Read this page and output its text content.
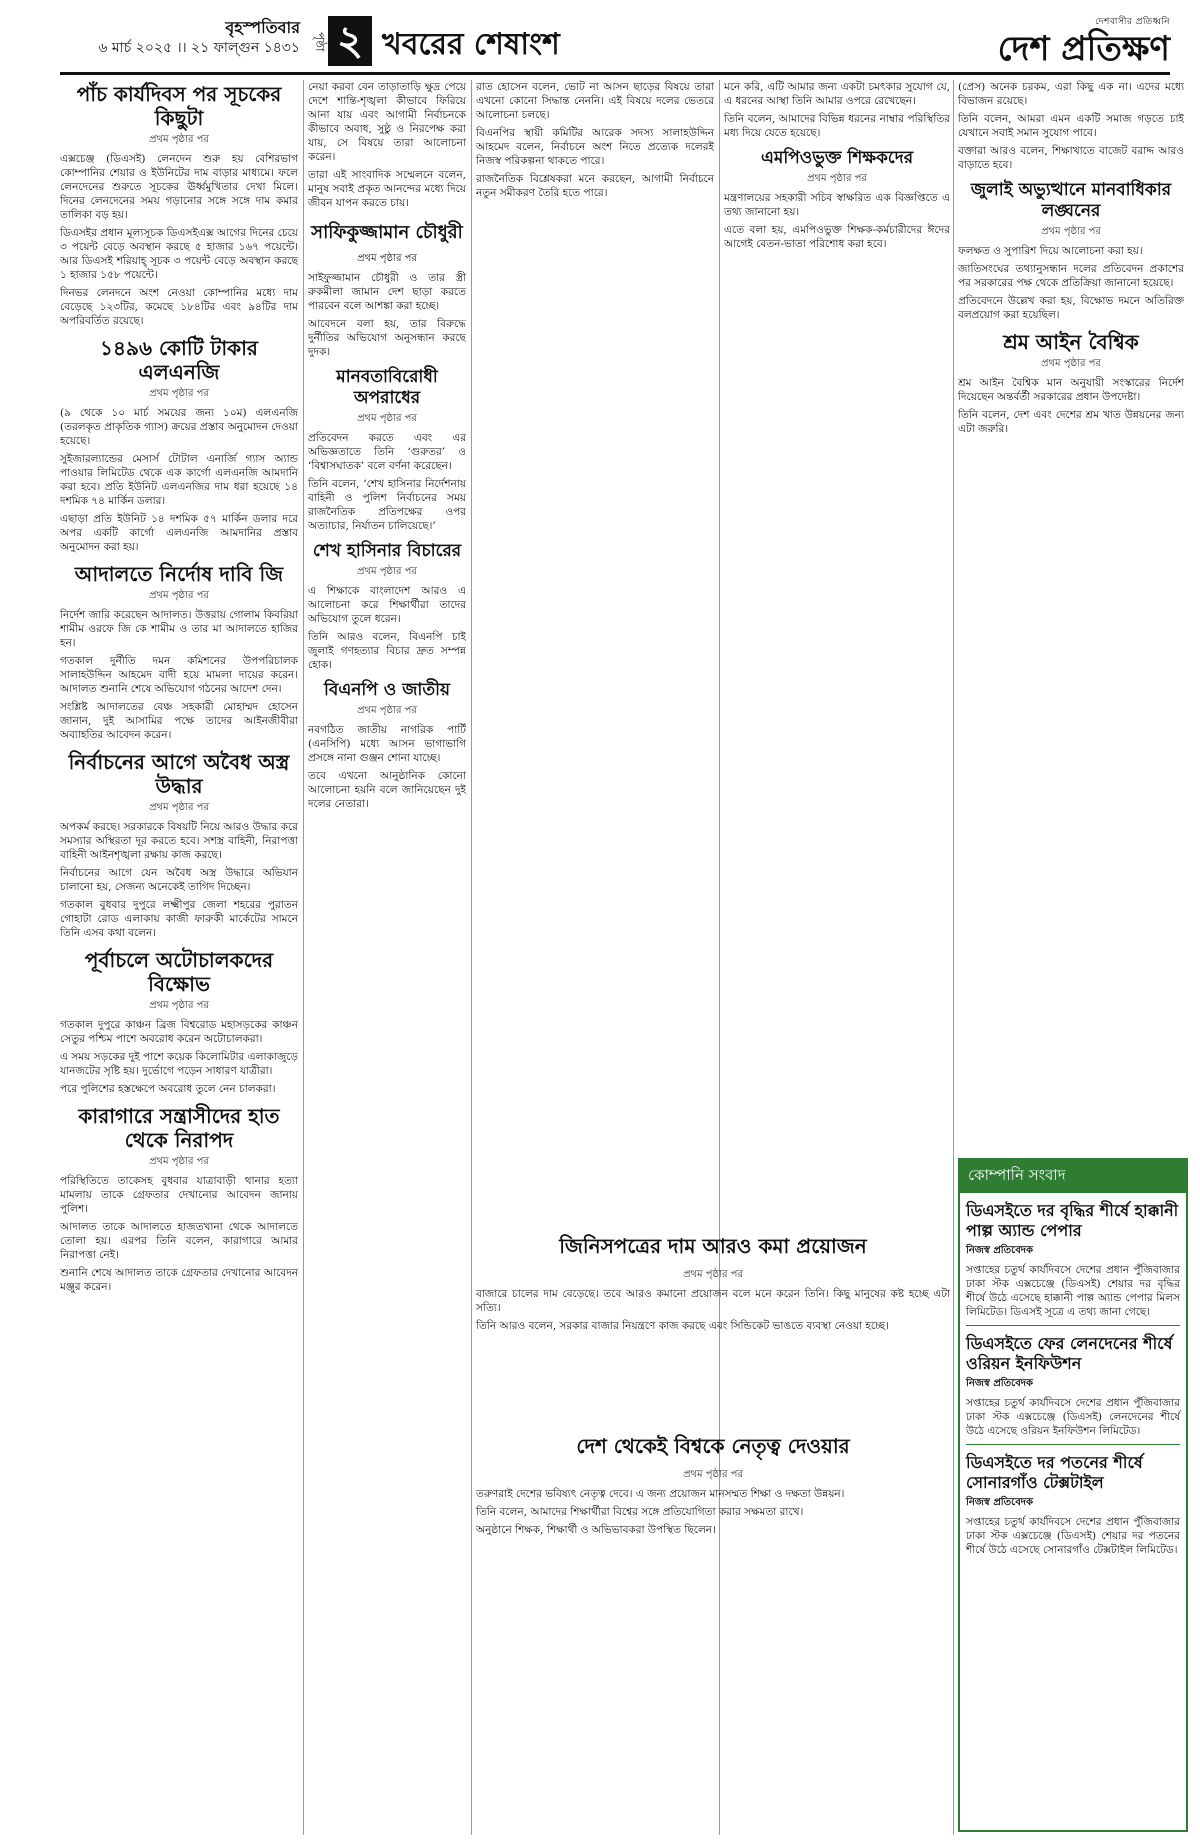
বৃহস্পতিবার
৬ মার্চ ২০২৫ ।। ২১ ফাল্গুন ১৪৩১ পৃষ্ঠা ২ খবরের শেষাংশ
দেশবাসীর প্রতিধ্বনি
দেশ প্রতিক্ষণ
পাঁচ কার্যদিবস পর সূচকের কিছুটা
প্রথম পৃষ্ঠার পর

এক্সচেঞ্জ (ডিএসই) লেনদেন শুরু হয় বেশিরভাগ কোম্পানির শেয়ার ও ইউনিটের দাম বাড়ার মাধ্যমে। ফলে লেনদেনের শুরুতে সূচকের ঊর্ধ্বমুখিতার দেখা মিলে। দিনের লেনদেনের সময় গড়ানোর সঙ্গে সঙ্গে দাম কমার তালিকা বড় হয়।

ডিএসইর প্রধান মূল্যসূচক ডিএসইএক্স আগের দিনের চেয়ে ৩ পয়েন্ট বেড়ে অবস্থান করছে ৫ হাজার ১৬৭ পয়েন্টে। আর ডিএসই শরিয়াহ্ সূচক ৩ পয়েন্ট বেড়ে অবস্থান করছে ১ হাজার ১৫৮ পয়েন্টে।

দিনভর লেনদনে অংশ নেওয়া কোম্পানির মধ্যে দাম বেড়েছে ১২৩টির, কমেছে ১৮৪টির এবং ৯৪টির দাম অপরিবর্তিত রয়েছে।

১৪৯৬ কোটি টাকার এলএনজি
প্রথম পৃষ্ঠার পর

(৯ থেকে ১০ মার্চ সময়ের জন্য ১০ম) এলএনজি (তরলকৃত প্রাকৃতিক গ্যাস) ক্রয়ের প্রস্তাব অনুমোদন দেওয়া হয়েছে।

সুইজারল্যান্ডের মেসার্স টোটাল এনার্জি গ্যাস অ্যান্ড পাওয়ার লিমিটেড থেকে এক কার্গো এলএনজি আমদানি করা হবে। প্রতি ইউনিট এলএনজির দাম ধরা হয়েছে ১৪ দশমিক ৭৪ মার্কিন ডলার।

এছাড়া প্রতি ইউনিট ১৪ দশমিক ৫৭ মার্কিন ডলার দরে অপর একটি কার্গো এলএনজি আমদানির প্রস্তাব অনুমোদন করা হয়।

আদালতে নির্দোষ দাবি জি
প্রথম পৃষ্ঠার পর

নির্দেশ জারি করেছেন আদালত। উত্তরায় গোলাম কিবরিয়া শামীম ওরফে জি কে শামীম ও তার মা আদালতে হাজির হন।

গতকাল দুর্নীতি দমন কমিশনের উপপরিচালক সালাহউদ্দিন আহমেদ বাদী হয়ে মামলা দায়ের করেন। আদালত শুনানি শেষে অভিযোগ গঠনের আদেশ দেন।

সংশ্লিষ্ট আদালতের বেঞ্চ সহকারী মোহাম্মদ হোসেন জানান, দুই আসামির পক্ষে তাদের আইনজীবীরা অব্যাহতির আবেদন করেন।

নির্বাচনের আগে অবৈধ অস্ত্র উদ্ধার
প্রথম পৃষ্ঠার পর

অপকর্ম করছে। সরকারকে বিষয়টি নিয়ে আরও উদ্ধার করে সমস্যার অস্থিরতা দূর করতে হবে। সশস্ত্র বাহিনী, নিরাপত্তা বাহিনী আইনশৃঙ্খলা রক্ষায় কাজ করছে।

নির্বাচনের আগে যেন অবৈধ অস্ত্র উদ্ধারে অভিযান চালানো হয়, সেজন্য অনেকেই তাগিদ দিচ্ছেন।

গতকাল বুধবার দুপুরে লক্ষ্মীপুর জেলা শহরের পুরাতন গোহাটা রোড এলাকায় কাজী ফারুকী মার্কেটের সামনে তিনি এসব কথা বলেন।

পূর্বাচলে অটোচালকদের বিক্ষোভ
প্রথম পৃষ্ঠার পর

গতকাল দুপুরে কাঞ্চন ব্রিজ বিশ্বরোড মহাসড়কের কাঞ্চন সেতুর পশ্চিম পাশে অবরোধ করেন অটোচালকরা।

এ সময় সড়কের দুই পাশে কয়েক কিলোমিটার এলাকাজুড়ে যানজটের সৃষ্টি হয়। দুর্ভোগে পড়েন সাধারণ যাত্রীরা।

পরে পুলিশের হস্তক্ষেপে অবরোধ তুলে নেন চালকরা।

কারাগারে সন্ত্রাসীদের হাত থেকে নিরাপদ
প্রথম পৃষ্ঠার পর

পরিস্থিতিতে তাকেসহ বুধবার যাত্রাবাড়ী থানার হত্যা মামলায় তাকে গ্রেফতার দেখানোর আবেদন জানায় পুলিশ।

আদালত তাকে আদালতে হাজতখানা থেকে আদালতে তোলা হয়। এরপর তিনি বলেন, কারাগারে আমার নিরাপত্তা নেই।

শুনানি শেষে আদালত তাকে গ্রেফতার দেখানোর আবেদন মঞ্জুর করেন।

নেয়া করবা বেন তাড়াতাড়ি ক্ষুদ্র পেয়ে দেশে শান্তি-শৃঙ্খলা কীভাবে ফিরিয়ে আনা যায় এবং আগামী নির্বাচনকে কীভাবে অবাধ, সুষ্ঠু ও নিরপেক্ষ করা যায়, সে বিষয়ে তারা আলোচনা করেন।

তারা এই সাংবাদিক সম্মেলনে বলেন, মানুষ সবাই প্রকৃত আনন্দের মধ্যে দিয়ে জীবন যাপন করতে চায়।

সাফিকুজ্জামান চৌধুরী
প্রথম পৃষ্ঠার পর

সাইফুজ্জামান চৌধুরী ও তার স্ত্রী রুকমীলা জামান দেশ ছাড়া করতে পারবেন বলে আশঙ্কা করা হচ্ছে।

আবেদনে বলা হয়, তার বিরুদ্ধে দুর্নীতির অভিযোগ অনুসন্ধান করছে দুদক।

মানবতাবিরোধী অপরাধের
প্রথম পৃষ্ঠার পর

প্রতিবেদন করতে এবং এর অভিজ্ঞতাতে তিনি ‘গুরুতর’ ও ‘বিশ্বাসঘাতক’ বলে বর্ণনা করেছেন।

তিনি বলেন, ‘শেখ হাসিনার নির্দেশনায় বাহিনী ও পুলিশ নির্বাচনের সময় রাজনৈতিক প্রতিপক্ষের ওপর অত্যাচার, নির্যাতন চালিয়েছে।’

শেখ হাসিনার বিচারের
প্রথম পৃষ্ঠার পর

এ শিক্ষাকে বাংলাদেশ আরও এ আলোচনা করে শিক্ষার্থীরা তাদের অভিযোগ তুলে ধরেন।

তিনি আরও বলেন, বিএনপি চাই জুলাই গণহত্যার বিচার দ্রুত সম্পন্ন হোক।

বিএনপি ও জাতীয়
প্রথম পৃষ্ঠার পর

নবগঠিত জাতীয় নাগরিক পার্টি (এনসিপি) মধ্যে আসন ভাগাভাগি প্রসঙ্গে নানা গুঞ্জন শোনা যাচ্ছে।

তবে এখনো আনুষ্ঠানিক কোনো আলোচনা হয়নি বলে জানিয়েছেন দুই দলের নেতারা।

রাত হোসেন বলেন, ভোট না আসন ছাড়ের বিষয়ে তারা এখনো কোনো সিদ্ধান্ত নেননি। এই বিষয়ে দলের ভেতরে আলোচনা চলছে।

বিএনপির স্থায়ী কমিটির আরেক সদস্য সালাহউদ্দিন আহমেদ বলেন, নির্বাচনে অংশ নিতে প্রত্যেক দলেরই নিজস্ব পরিকল্পনা থাকতে পারে।

রাজনৈতিক বিশ্লেষকরা মনে করছেন, আগামী নির্বাচনে নতুন সমীকরণ তৈরি হতে পারে।

মনে করি, এটি আমার জন্য একটা চমৎকার সুযোগ যে, এ ধরনের আস্থা তিনি আমার ওপরে রেখেছেন।

তিনি বলেন, আমাদের বিভিন্ন ধরনের নাম্বার পরিস্থিতির মধ্য দিয়ে যেতে হয়েছে।

এমপিওভুক্ত শিক্ষকদের
প্রথম পৃষ্ঠার পর

মন্ত্রণালয়ের সহকারী সচিব স্বাক্ষরিত এক বিজ্ঞপ্তিতে এ তথ্য জানানো হয়।

এতে বলা হয়, এমপিওভুক্ত শিক্ষক-কর্মচারীদের ঈদের আগেই বেতন-ভাতা পরিশোধ করা হবে।

জিনিসপত্রের দাম আরও কমা প্রয়োজন
প্রথম পৃষ্ঠার পর

বাজারে চালের দাম বেড়েছে। তবে আরও কমানো প্রয়োজন বলে মনে করেন তিনি। কিছু মানুষের কষ্ট হচ্ছে এটা সত্যি।

তিনি আরও বলেন, সরকার বাজার নিয়ন্ত্রণে কাজ করছে এবং সিন্ডিকেট ভাঙতে ব্যবস্থা নেওয়া হচ্ছে।

দেশ থেকেই বিশ্বকে নেতৃত্ব দেওয়ার
প্রথম পৃষ্ঠার পর

তরুণরাই দেশের ভবিষ্যৎ নেতৃত্ব দেবে। এ জন্য প্রয়োজন মানসম্মত শিক্ষা ও দক্ষতা উন্নয়ন।

তিনি বলেন, আমাদের শিক্ষার্থীরা বিশ্বের সঙ্গে প্রতিযোগিতা করার সক্ষমতা রাখে।

অনুষ্ঠানে শিক্ষক, শিক্ষার্থী ও অভিভাবকরা উপস্থিত ছিলেন।

(প্রেস) অনেক চরকম, এরা কিছু এক না। এদের মধ্যে বিভাজন রয়েছে।

তিনি বলেন, আমরা এমন একটি সমাজ গড়তে চাই যেখানে সবাই সমান সুযোগ পাবে।

বক্তারা আরও বলেন, শিক্ষাখাতে বাজেট বরাদ্দ আরও বাড়াতে হবে।

জুলাই অভ্যুত্থানে মানবাধিকার লঙ্ঘনের
প্রথম পৃষ্ঠার পর

ফলক্ষত ও সুপারিশ দিয়ে আলোচনা করা হয়।

জাতিসংঘের তথ্যানুসন্ধান দলের প্রতিবেদন প্রকাশের পর সরকারের পক্ষ থেকে প্রতিক্রিয়া জানানো হয়েছে।

প্রতিবেদনে উল্লেখ করা হয়, বিক্ষোভ দমনে অতিরিক্ত বলপ্রয়োগ করা হয়েছিল।

শ্রম আইন বৈশ্বিক
প্রথম পৃষ্ঠার পর

শ্রম আইন বৈশ্বিক মান অনুযায়ী সংস্কারের নির্দেশ দিয়েছেন অন্তর্বর্তী সরকারের প্রধান উপদেষ্টা।

তিনি বলেন, দেশ এবং দেশের শ্রম খাত উন্নয়নের জন্য এটা জরুরি।

কোম্পানি সংবাদ
ডিএসইতে দর বৃদ্ধির শীর্ষে হাক্কানী পাল্প অ্যান্ড পেপার
নিজস্ব প্রতিবেদক

সপ্তাহের চতুর্থ কার্যদিবসে দেশের প্রধান পুঁজিবাজার ঢাকা স্টক এক্সচেঞ্জে (ডিএসই) শেয়ার দর বৃদ্ধির শীর্ষে উঠে এসেছে হাক্কানী পাল্প অ্যান্ড পেপার মিলস লিমিটেড। ডিএসই সূত্রে এ তথ্য জানা গেছে।

ডিএসইতে ফের লেনদেনের শীর্ষে ওরিয়ন ইনফিউশন
নিজস্ব প্রতিবেদক

সপ্তাহের চতুর্থ কার্যদিবসে দেশের প্রধান পুঁজিবাজার ঢাকা স্টক এক্সচেঞ্জে (ডিএসই) লেনদেনের শীর্ষে উঠে এসেছে ওরিয়ন ইনফিউশন লিমিটেড।

ডিএসইতে দর পতনের শীর্ষে সোনারগাঁও টেক্সটাইল
নিজস্ব প্রতিবেদক

সপ্তাহের চতুর্থ কার্যদিবসে দেশের প্রধান পুঁজিবাজার ঢাকা স্টক এক্সচেঞ্জে (ডিএসই) শেয়ার দর পতনের শীর্ষে উঠে এসেছে সোনারগাঁও টেক্সটাইল লিমিটেড।
